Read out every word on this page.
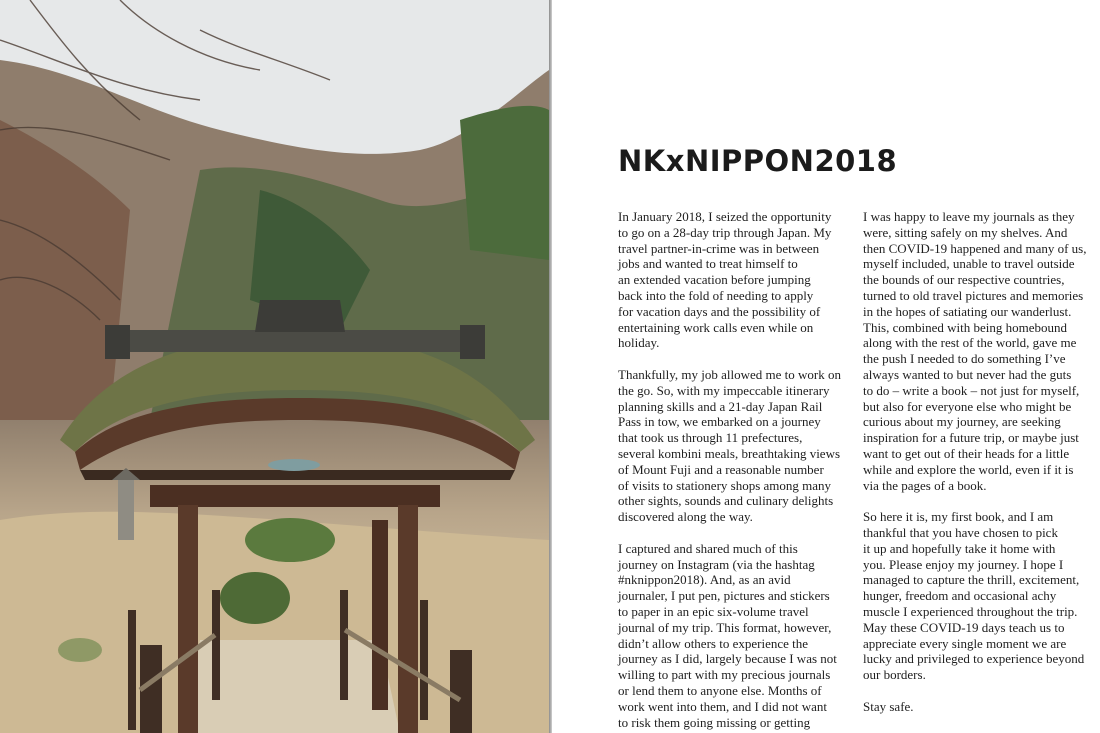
NKxNIPPON2018

In January 2018, I seized the opportunity
to go on a 28-day trip through Japan. My
travel partner-in-crime was in between
jobs and wanted to treat himself to
an extended vacation before jumping
back into the fold of needing to apply
for vacation days and the possibility of
entertaining work calls even while on
holiday.

Thankfully, my job allowed me to work on
the go. So, with my impeccable itinerary
planning skills and a 21-day Japan Rail
Pass in tow, we embarked on a journey
that took us through 11 prefectures,
several kombini meals, breathtaking views
of Mount Fuji and a reasonable number
of visits to stationery shops among many
other sights, sounds and culinary delights
discovered along the way.

I captured and shared much of this
journey on Instagram (via the hashtag
#nknippon2018). And, as an avid
journaler, I put pen, pictures and stickers
to paper in an epic six-volume travel
journal of my trip. This format, however,
didn’t allow others to experience the
journey as I did, largely because I was not
willing to part with my precious journals
or lend them to anyone else. Months of
work went into them, and I did not want
to risk them going missing or getting

I was happy to leave my journals as they
were, sitting safely on my shelves. And
then COVID-19 happened and many of us,
myself included, unable to travel outside
the bounds of our respective countries,
turned to old travel pictures and memories
in the hopes of satiating our wanderlust.
This, combined with being homebound
along with the rest of the world, gave me
the push I needed to do something I’ve
always wanted to but never had the guts
to do – write a book – not just for myself,
but also for everyone else who might be
curious about my journey, are seeking
inspiration for a future trip, or maybe just
want to get out of their heads for a little
while and explore the world, even if it is
via the pages of a book.

So here it is, my first book, and I am
thankful that you have chosen to pick
it up and hopefully take it home with
you. Please enjoy my journey. I hope I
managed to capture the thrill, excitement,
hunger, freedom and occasional achy
muscle I experienced throughout the trip.
May these COVID-19 days teach us to
appreciate every single moment we are
lucky and privileged to experience beyond
our borders.

Stay safe.
